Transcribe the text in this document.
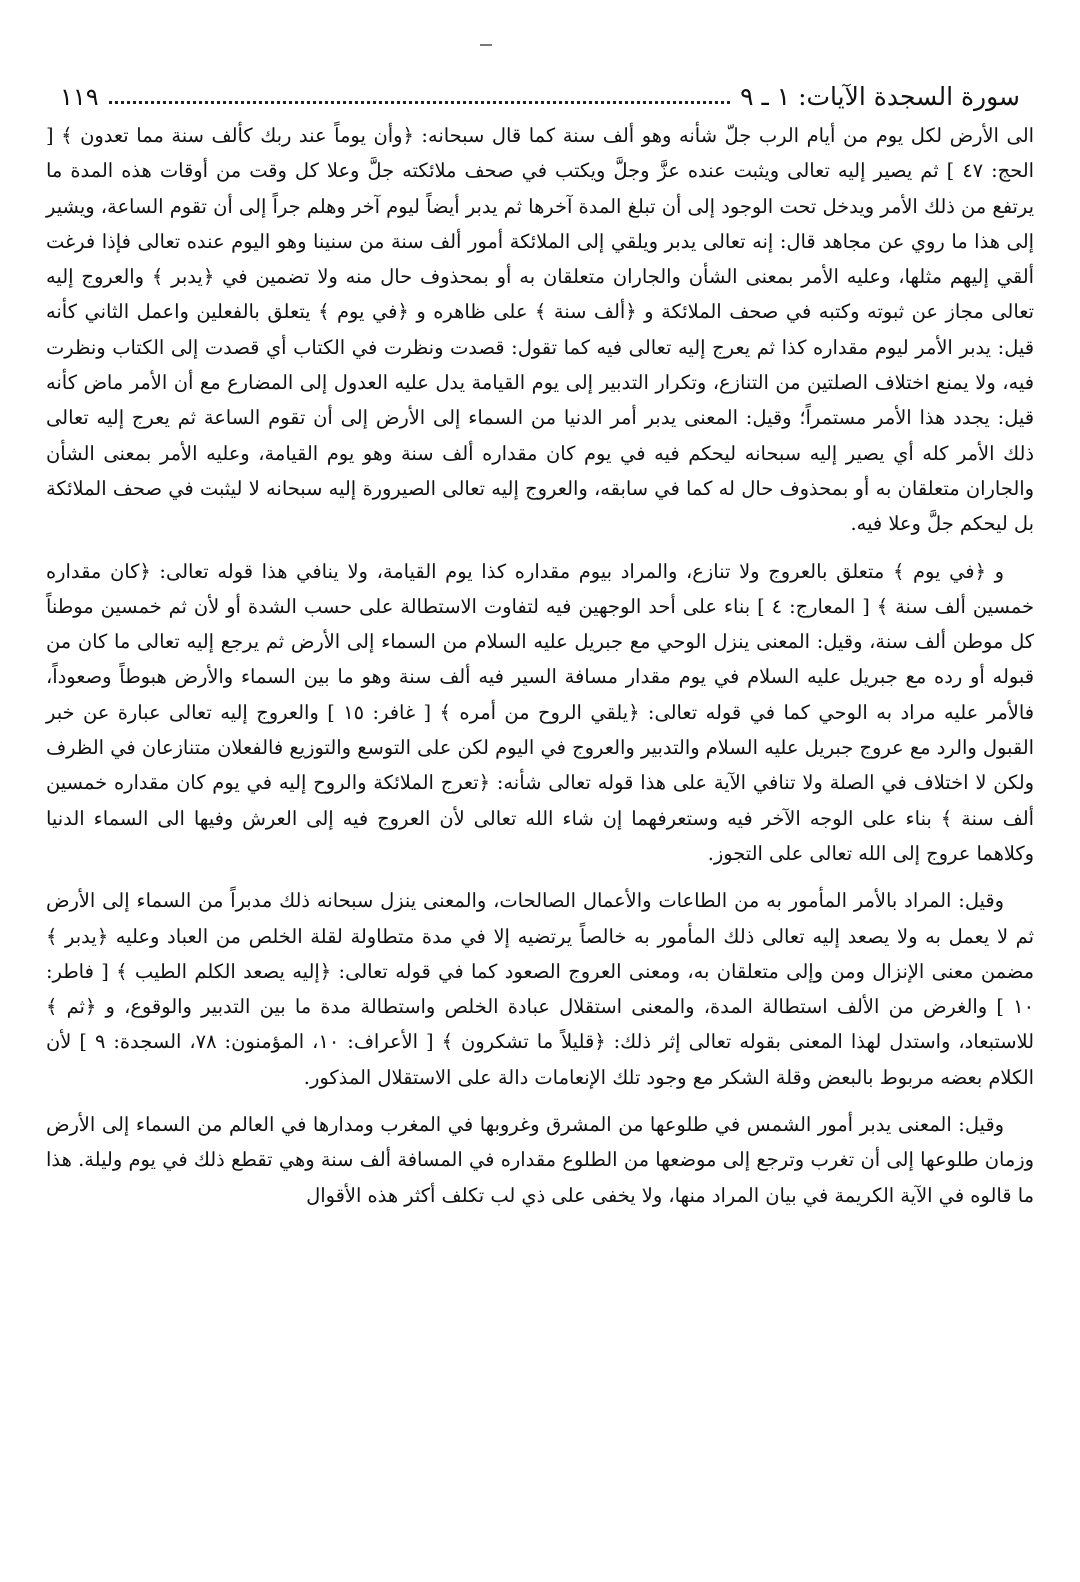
سورة السجدة الآيات: ١ ـ ٩
١١٩

الى الأرض لكل يوم من أيام الرب جلّ شأنه وهو ألف سنة كما قال سبحانه: ﴿وأن يوماً عند ربك كألف سنة مما تعدون ﴾ [ الحج: ٤٧ ] ثم يصير إليه تعالى ويثبت عنده عزَّ وجلَّ ويكتب في صحف ملائكته جلَّ وعلا كل وقت من أوقات هذه المدة ما يرتفع من ذلك الأمر ويدخل تحت الوجود إلى أن تبلغ المدة آخرها ثم يدبر أيضاً ليوم آخر وهلم جراً إلى أن تقوم الساعة، ويشير إلى هذا ما روي عن مجاهد قال: إنه تعالى يدبر ويلقي إلى الملائكة أمور ألف سنة من سنينا وهو اليوم عنده تعالى فإذا فرغت ألقي إليهم مثلها، وعليه الأمر بمعنى الشأن والجاران متعلقان به أو بمحذوف حال منه ولا تضمين في ﴿يدبر ﴾ والعروج إليه تعالى مجاز عن ثبوته وكتبه في صحف الملائكة و ﴿ألف سنة ﴾ على ظاهره و ﴿في يوم ﴾ يتعلق بالفعلين واعمل الثاني كأنه قيل: يدبر الأمر ليوم مقداره كذا ثم يعرج إليه تعالى فيه كما تقول: قصدت ونظرت في الكتاب أي قصدت إلى الكتاب ونظرت فيه، ولا يمنع اختلاف الصلتين من التنازع، وتكرار التدبير إلى يوم القيامة يدل عليه العدول إلى المضارع مع أن الأمر ماض كأنه قيل: يجدد هذا الأمر مستمراً؛ وقيل: المعنى يدبر أمر الدنيا من السماء إلى الأرض إلى أن تقوم الساعة ثم يعرج إليه تعالى ذلك الأمر كله أي يصير إليه سبحانه ليحكم فيه في يوم كان مقداره ألف سنة وهو يوم القيامة، وعليه الأمر بمعنى الشأن والجاران متعلقان به أو بمحذوف حال له كما في سابقه، والعروج إليه تعالى الصيرورة إليه سبحانه لا ليثبت في صحف الملائكة بل ليحكم جلَّ وعلا فيه.

و ﴿في يوم ﴾ متعلق بالعروج ولا تنازع، والمراد بيوم مقداره كذا يوم القيامة، ولا ينافي هذا قوله تعالى: ﴿كان مقداره خمسين ألف سنة ﴾ [ المعارج: ٤ ] بناء على أحد الوجهين فيه لتفاوت الاستطالة على حسب الشدة أو لأن ثم خمسين موطناً كل موطن ألف سنة، وقيل: المعنى ينزل الوحي مع جبريل عليه السلام من السماء إلى الأرض ثم يرجع إليه تعالى ما كان من قبوله أو رده مع جبريل عليه السلام في يوم مقدار مسافة السير فيه ألف سنة وهو ما بين السماء والأرض هبوطاً وصعوداً، فالأمر عليه مراد به الوحي كما في قوله تعالى: ﴿يلقي الروح من أمره ﴾ [ غافر: ١٥ ] والعروج إليه تعالى عبارة عن خبر القبول والرد مع عروج جبريل عليه السلام والتدبير والعروج في اليوم لكن على التوسع والتوزيع فالفعلان متنازعان في الظرف ولكن لا اختلاف في الصلة ولا تنافي الآية على هذا قوله تعالى شأنه: ﴿تعرج الملائكة والروح إليه في يوم كان مقداره خمسين ألف سنة ﴾ بناء على الوجه الآخر فيه وستعرفهما إن شاء الله تعالى لأن العروج فيه إلى العرش وفيها الى السماء الدنيا وكلاهما عروج إلى الله تعالى على التجوز.

وقيل: المراد بالأمر المأمور به من الطاعات والأعمال الصالحات، والمعنى ينزل سبحانه ذلك مدبراً من السماء إلى الأرض ثم لا يعمل به ولا يصعد إليه تعالى ذلك المأمور به خالصاً يرتضيه إلا في مدة متطاولة لقلة الخلص من العباد وعليه ﴿يدبر ﴾ مضمن معنى الإنزال ومن وإلى متعلقان به، ومعنى العروج الصعود كما في قوله تعالى: ﴿إليه يصعد الكلم الطيب ﴾ [ فاطر: ١٠ ] والغرض من الألف استطالة المدة، والمعنى استقلال عبادة الخلص واستطالة مدة ما بين التدبير والوقوع، و ﴿ثم ﴾ للاستبعاد، واستدل لهذا المعنى بقوله تعالى إثر ذلك: ﴿قليلاً ما تشكرون ﴾ [ الأعراف: ١٠، المؤمنون: ٧٨، السجدة: ٩ ] لأن الكلام بعضه مربوط بالبعض وقلة الشكر مع وجود تلك الإنعامات دالة على الاستقلال المذكور.

وقيل: المعنى يدبر أمور الشمس في طلوعها من المشرق وغروبها في المغرب ومدارها في العالم من السماء إلى الأرض وزمان طلوعها إلى أن تغرب وترجع إلى موضعها من الطلوع مقداره في المسافة ألف سنة وهي تقطع ذلك في يوم وليلة. هذا ما قالوه في الآية الكريمة في بيان المراد منها، ولا يخفى على ذي لب تكلف أكثر هذه الأقوال
